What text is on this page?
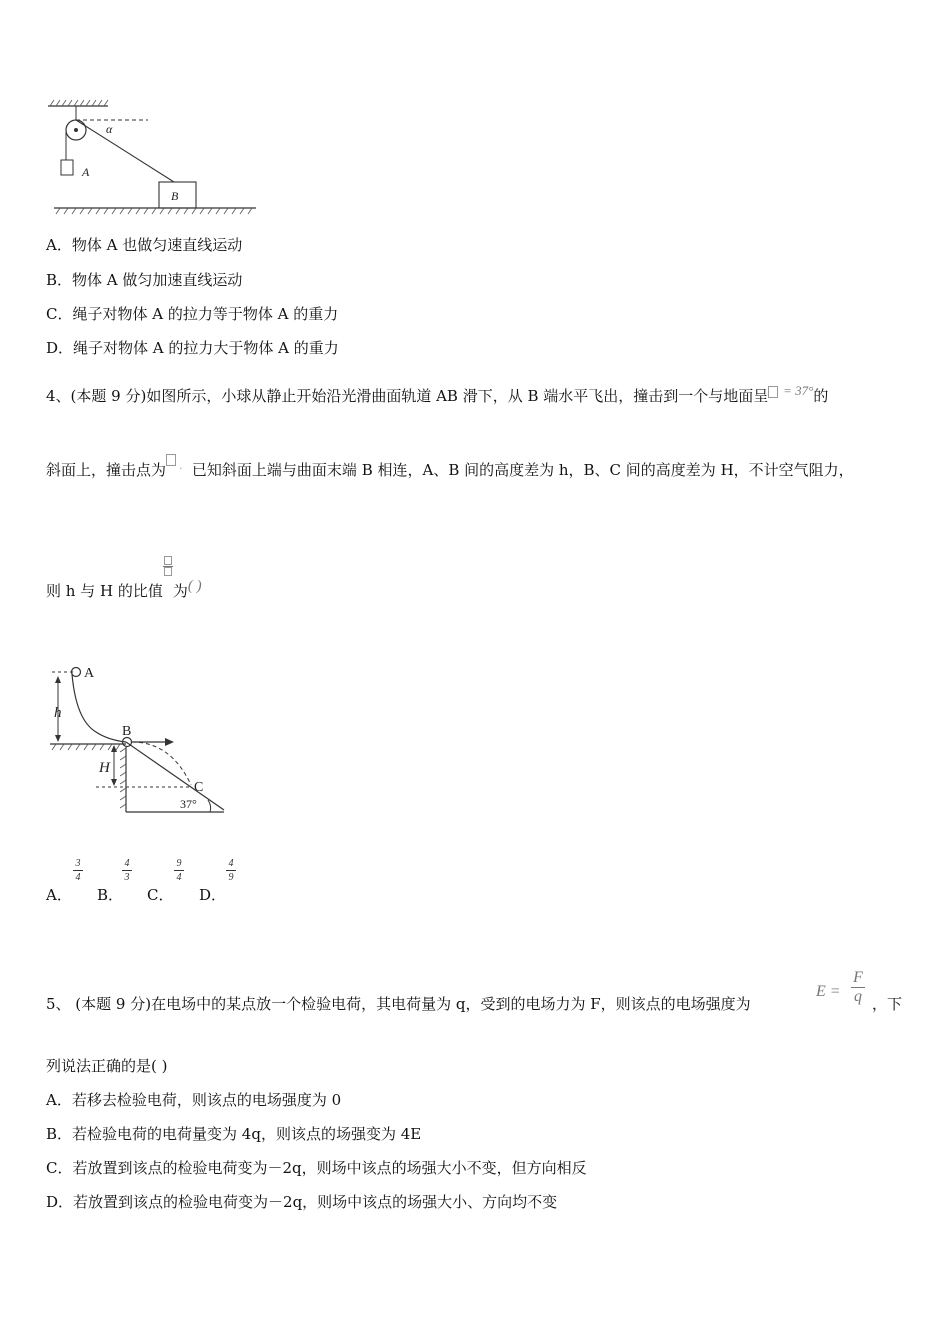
α
A
B
A．物体 A 也做匀速直线运动
B．物体 A 做匀加速直线运动
C．绳子对物体 A 的拉力等于物体 A 的重力
D．绳子对物体 A 的拉力大于物体 A 的重力
4、(本题 9 分)如图所示，小球从静止开始沿光滑曲面轨道 AB 滑下，从 B 端水平飞出，撞击到一个与地面呈 = 37°的
斜面上，撞击点为 · 已知斜面上端与曲面末端 B 相连，A、B 间的高度差为 h，B、C 间的高度差为 H，不计空气阻力，
则 h 与 H 的比值 为( )
A
B
C
h
H
37°
A．
3
4
B．
4
3
C．
9
4
D．
4
9
5、 (本题 9 分)在电场中的某点放一个检验电荷，其电荷量为 q，受到的电场力为 F，则该点的电场强度为
E =
F
q ，下
列说法正确的是( )
A．若移去检验电荷，则该点的电场强度为 0
B．若检验电荷的电荷量变为 4q，则该点的场强变为 4E
C．若放置到该点的检验电荷变为－2q，则场中该点的场强大小不变，但方向相反
D．若放置到该点的检验电荷变为－2q，则场中该点的场强大小、方向均不变
